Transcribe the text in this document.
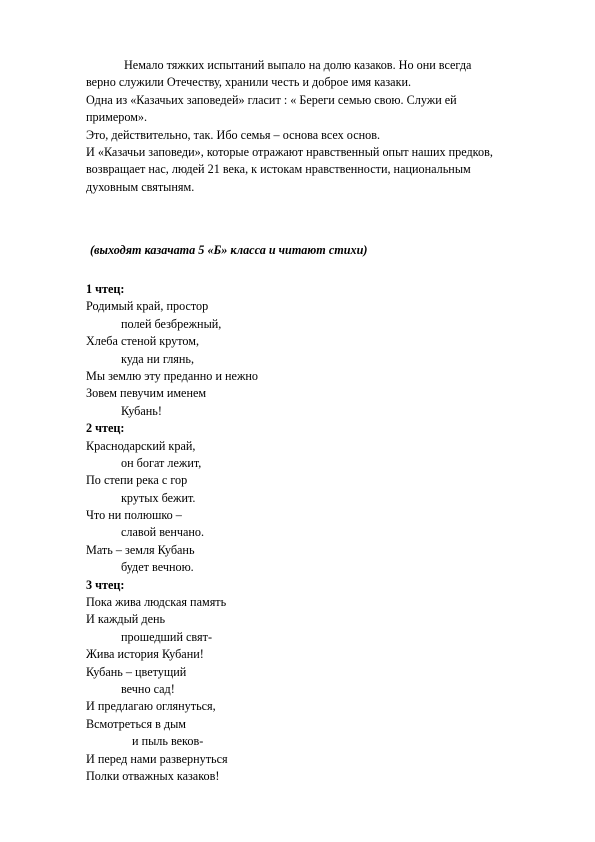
Немало тяжких испытаний выпало на долю казаков. Но они всегда

верно служили Отечеству, хранили честь и доброе имя казаки.

Одна из «Казачьих заповедей» гласит : « Береги семью свою. Служи ей

примером».

Это, действительно, так. Ибо семья – основа всех основ.

И «Казачьи заповеди», которые отражают нравственный опыт наших предков,

возвращает нас, людей 21 века, к истокам нравственности, национальным

духовным святыням.

(выходят казачата 5 «Б» класса и читают стихи)

1 чтец:

Родимый край, простор

полей безбрежный,

Хлеба стеной крутом,

куда ни глянь,

Мы землю эту преданно и нежно

Зовем певучим именем

Кубань!

2 чтец:

Краснодарский край,

он богат лежит,

По степи река с гор

крутых бежит.

Что ни полюшко –

славой венчано.

Мать – земля Кубань

будет вечною.

3 чтец:

Пока жива людская память

И каждый день

прошедший свят-

Жива история Кубани!

Кубань – цветущий

вечно сад!

И предлагаю оглянуться,

Всмотреться в дым

и пыль веков-

И перед нами развернуться

Полки отважных казаков!
